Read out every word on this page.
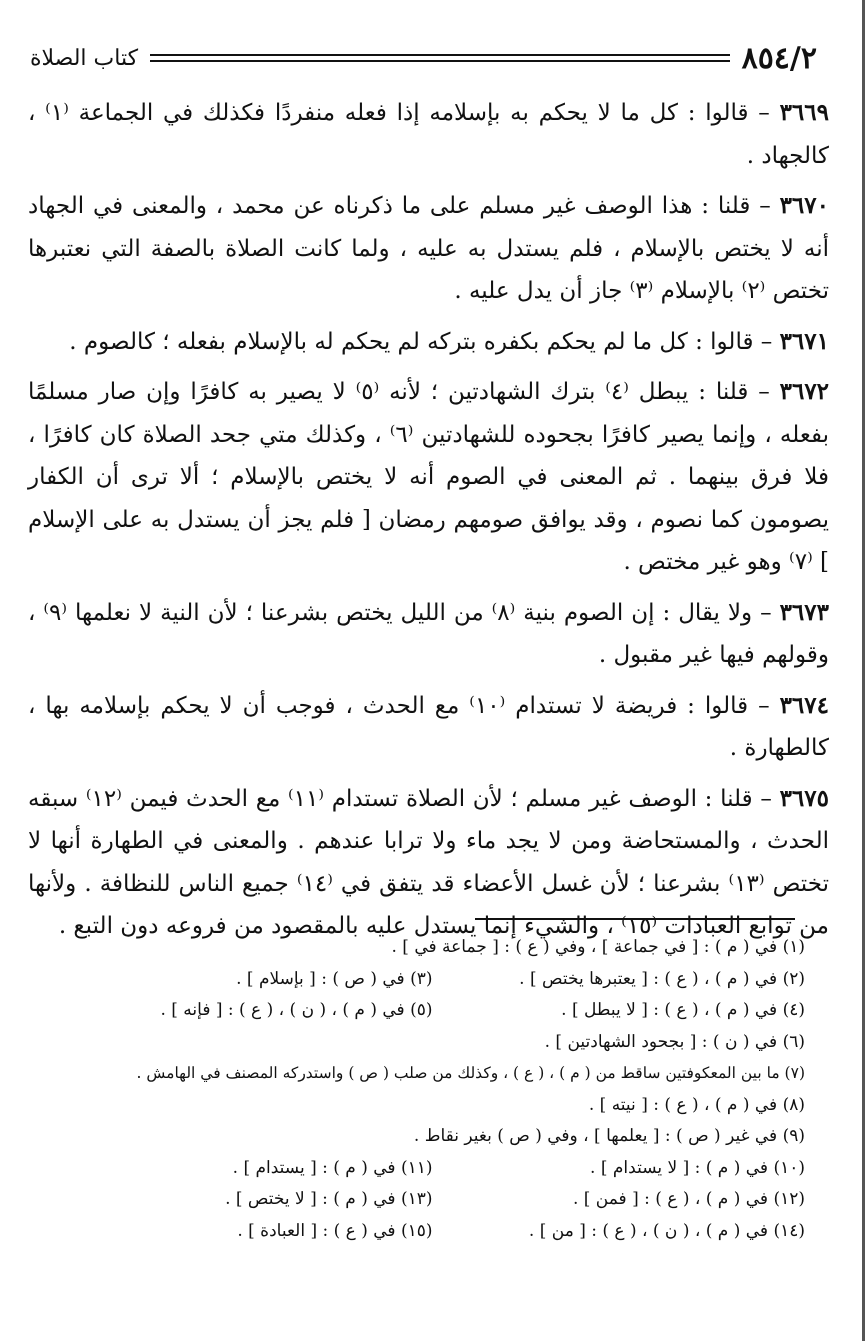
٨٥٤/٢
كتاب الصلاة

٣٦٦٩ – قالوا : كل ما لا يحكم به بإسلامه إذا فعله منفردًا فكذلك في الجماعة ⁽١⁾ ، كالجهاد .

٣٦٧٠ – قلنا : هذا الوصف غير مسلم على ما ذكرناه عن محمد ، والمعنى في الجهاد أنه لا يختص بالإسلام ، فلم يستدل به عليه ، ولما كانت الصلاة بالصفة التي نعتبرها تختص ⁽٢⁾ بالإسلام ⁽٣⁾ جاز أن يدل عليه .

٣٦٧١ – قالوا : كل ما لم يحكم بكفره بتركه لم يحكم له بالإسلام بفعله ؛ كالصوم .

٣٦٧٢ – قلنا : يبطل ⁽٤⁾ بترك الشهادتين ؛ لأنه ⁽٥⁾ لا يصير به كافرًا وإن صار مسلمًا بفعله ، وإنما يصير كافرًا بجحوده للشهادتين ⁽٦⁾ ، وكذلك متي جحد الصلاة كان كافرًا ، فلا فرق بينهما . ثم المعنى في الصوم أنه لا يختص بالإسلام ؛ ألا ترى أن الكفار يصومون كما نصوم ، وقد يوافق صومهم رمضان [ فلم يجز أن يستدل به على الإسلام ] ⁽٧⁾ وهو غير مختص .

٣٦٧٣ – ولا يقال : إن الصوم بنية ⁽٨⁾ من الليل يختص بشرعنا ؛ لأن النية لا نعلمها ⁽٩⁾ ، وقولهم فيها غير مقبول .

٣٦٧٤ – قالوا : فريضة لا تستدام ⁽١٠⁾ مع الحدث ، فوجب أن لا يحكم بإسلامه بها ، كالطهارة .

٣٦٧٥ – قلنا : الوصف غير مسلم ؛ لأن الصلاة تستدام ⁽١١⁾ مع الحدث فيمن ⁽١٢⁾ سبقه الحدث ، والمستحاضة ومن لا يجد ماء ولا ترابا عندهم . والمعنى في الطهارة أنها لا تختص ⁽١٣⁾ بشرعنا ؛ لأن غسل الأعضاء قد يتفق في ⁽١٤⁾ جميع الناس للنظافة . ولأنها من توابع العبادات ⁽١٥⁾ ، والشيء إنما يستدل عليه بالمقصود من فروعه دون التبع .

(١) في ( م ) : [ في جماعة ] ، وفي ( ع ) : [ جماعة في ] .
(٢) في ( م ) ، ( ع ) : [ يعتبرها يختص ] .
(٣) في ( ص ) : [ بإسلام ] .
(٤) في ( م ) ، ( ع ) : [ لا يبطل ] .
(٥) في ( م ) ، ( ن ) ، ( ع ) : [ فإنه ] .
(٦) في ( ن ) : [ بجحود الشهادتين ] .
(٧) ما بين المعكوفتين ساقط من ( م ) ، ( ع ) ، وكذلك من صلب ( ص ) واستدركه المصنف في الهامش .
(٨) في ( م ) ، ( ع ) : [ نيته ] .
(٩) في غير ( ص ) : [ يعلمها ] ، وفي ( ص ) بغير نقاط .
(١٠) في ( م ) : [ لا يستدام ] .
(١١) في ( م ) : [ يستدام ] .
(١٢) في ( م ) ، ( ع ) : [ فمن ] .
(١٣) في ( م ) : [ لا يختص ] .
(١٤) في ( م ) ، ( ن ) ، ( ع ) : [ من ] .
(١٥) في ( ع ) : [ العبادة ] .
